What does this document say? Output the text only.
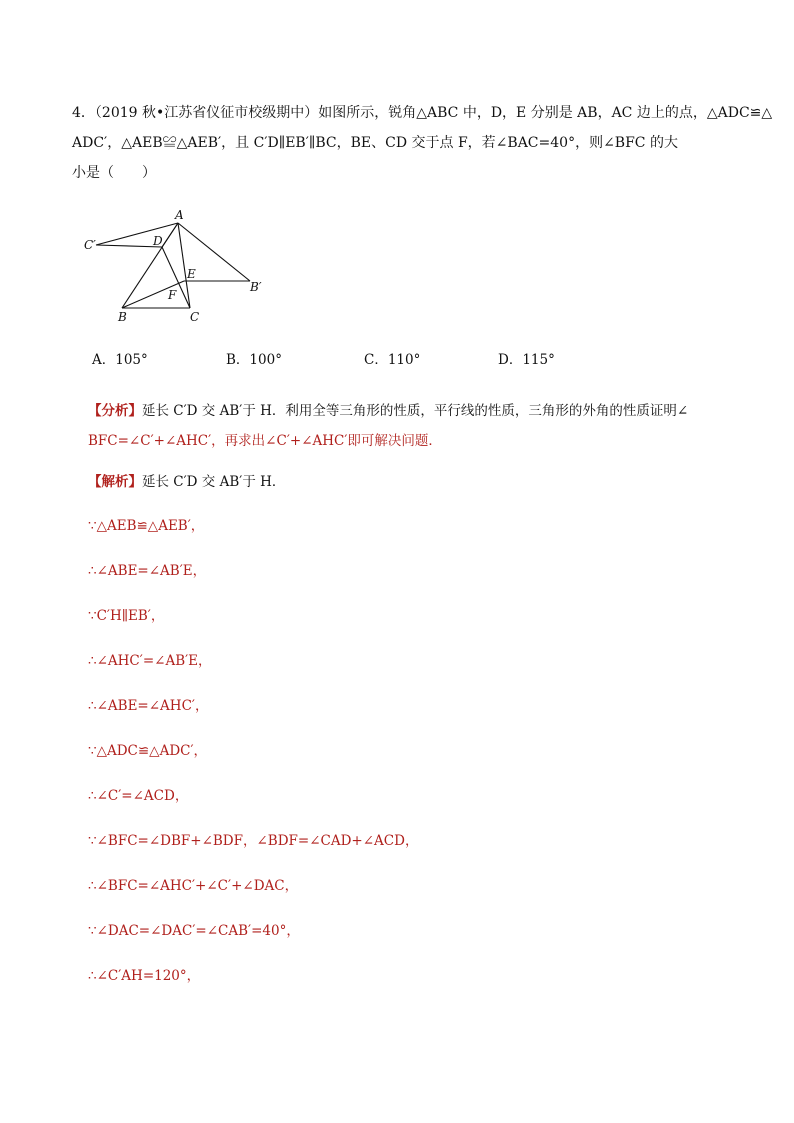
4．（2019 秋•江苏省仪征市校级期中）如图所示，锐角△ABC 中，D，E 分别是 AB，AC 边上的点，△ADC≌△
ADC′，△AEB≌△AEB′，且 C′D∥EB′∥BC，BE、CD 交于点 F，若∠BAC=40°，则∠BFC 的大
小是（　　）
A
C′	D
E
B′
F
B	C
A．105°	B．100°	C．110°	D．115°
【分析】延长 C′D 交 AB′于 H．利用全等三角形的性质，平行线的性质，三角形的外角的性质证明∠
BFC=∠C′+∠AHC′，再求出∠C′+∠AHC′即可解决问题．
【解析】延长 C′D 交 AB′于 H．
∵△AEB≌△AEB′，
∴∠ABE=∠AB′E，
∵C′H∥EB′，
∴∠AHC′=∠AB′E，
∴∠ABE=∠AHC′，
∵△ADC≌△ADC′，
∴∠C′=∠ACD，
∵∠BFC=∠DBF+∠BDF，∠BDF=∠CAD+∠ACD，
∴∠BFC=∠AHC′+∠C′+∠DAC，
∵∠DAC=∠DAC′=∠CAB′=40°，
∴∠C′AH=120°，
